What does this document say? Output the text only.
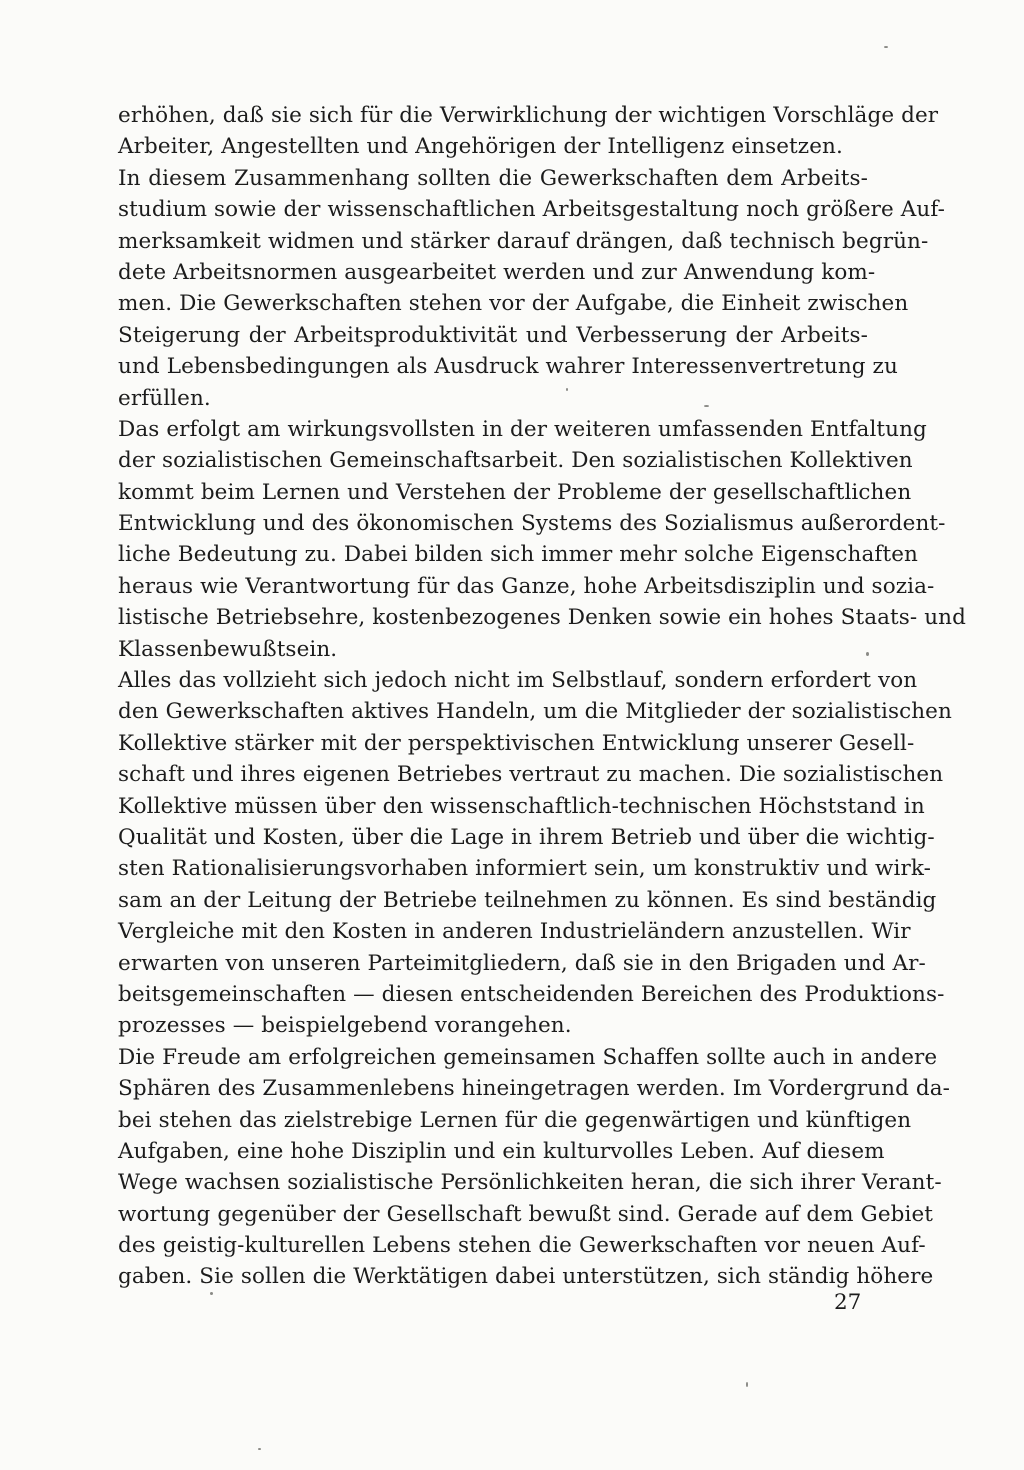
erhöhen, daß sie sich für die Verwirklichung der wichtigen Vorschläge der
Arbeiter, Angestellten und Angehörigen der Intelligenz einsetzen.
In diesem Zusammenhang sollten die Gewerkschaften dem Arbeits-
studium sowie der wissenschaftlichen Arbeitsgestaltung noch größere Auf-
merksamkeit widmen und stärker darauf drängen, daß technisch begrün-
dete Arbeitsnormen ausgearbeitet werden und zur Anwendung kom-
men. Die Gewerkschaften stehen vor der Aufgabe, die Einheit zwischen
Steigerung der Arbeitsproduktivität und Verbesserung der Arbeits-
und Lebensbedingungen als Ausdruck wahrer Interessenvertretung zu
erfüllen.
Das erfolgt am wirkungsvollsten in der weiteren umfassenden Entfaltung
der sozialistischen Gemeinschaftsarbeit. Den sozialistischen Kollektiven
kommt beim Lernen und Verstehen der Probleme der gesellschaftlichen
Entwicklung und des ökonomischen Systems des Sozialismus außerordent-
liche Bedeutung zu. Dabei bilden sich immer mehr solche Eigenschaften
heraus wie Verantwortung für das Ganze, hohe Arbeitsdisziplin und sozia-
listische Betriebsehre, kostenbezogenes Denken sowie ein hohes Staats- und
Klassenbewußtsein.
Alles das vollzieht sich jedoch nicht im Selbstlauf, sondern erfordert von
den Gewerkschaften aktives Handeln, um die Mitglieder der sozialistischen
Kollektive stärker mit der perspektivischen Entwicklung unserer Gesell-
schaft und ihres eigenen Betriebes vertraut zu machen. Die sozialistischen
Kollektive müssen über den wissenschaftlich-technischen Höchststand in
Qualität und Kosten, über die Lage in ihrem Betrieb und über die wichtig-
sten Rationalisierungsvorhaben informiert sein, um konstruktiv und wirk-
sam an der Leitung der Betriebe teilnehmen zu können. Es sind beständig
Vergleiche mit den Kosten in anderen Industrieländern anzustellen. Wir
erwarten von unseren Parteimitgliedern, daß sie in den Brigaden und Ar-
beitsgemeinschaften — diesen entscheidenden Bereichen des Produktions-
prozesses — beispielgebend vorangehen.
Die Freude am erfolgreichen gemeinsamen Schaffen sollte auch in andere
Sphären des Zusammenlebens hineingetragen werden. Im Vordergrund da-
bei stehen das zielstrebige Lernen für die gegenwärtigen und künftigen
Aufgaben, eine hohe Disziplin und ein kulturvolles Leben. Auf diesem
Wege wachsen sozialistische Persönlichkeiten heran, die sich ihrer Verant-
wortung gegenüber der Gesellschaft bewußt sind. Gerade auf dem Gebiet
des geistig-kulturellen Lebens stehen die Gewerkschaften vor neuen Auf-
gaben. Sie sollen die Werktätigen dabei unterstützen, sich ständig höhere
27
